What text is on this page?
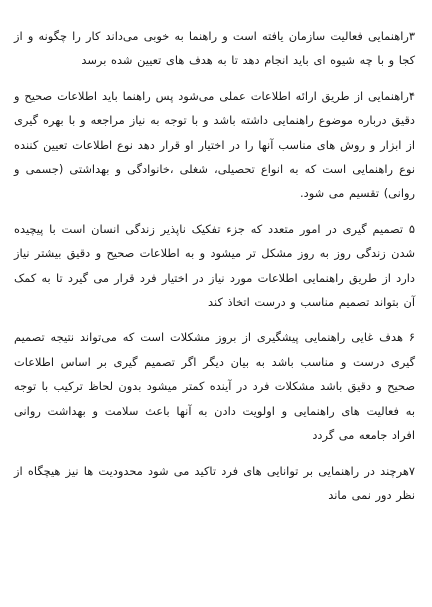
۳راهنمایی فعالیت سازمان یافته است و راهنما به خوبی می‌داند کار را چگونه و از کجا و با چه شیوه ای باید انجام دهد تا به هدف های تعیین شده برسد

۴راهنمایی از طریق ارائه اطلاعات عملی می‌شود پس راهنما باید اطلاعات صحیح و دقیق درباره موضوع راهنمایی داشته باشد و با توجه به نیاز مراجعه و با بهره گیری از ابزار و روش های مناسب آنها را در اختیار او قرار دهد نوع اطلاعات تعیین کننده نوع راهنمایی است که به انواع تحصیلی، شغلی ،خانوادگی و بهداشتی (جسمی و روانی) تقسیم می شود.

۵ تصمیم گیری در امور متعدد که جزء تفکیک ناپذیر زندگی انسان است با پیچیده شدن زندگی روز به روز مشکل تر میشود و به اطلاعات صحیح و دقیق بیشتر نیاز دارد از طریق راهنمایی اطلاعات مورد نیاز در اختیار فرد قرار می گیرد تا به کمک آن بتواند تصمیم مناسب و درست اتخاذ کند

۶ هدف غایی راهنمایی پیشگیری از بروز مشکلات است که می‌تواند نتیجه تصمیم گیری درست و مناسب باشد به بیان دیگر اگر تصمیم گیری بر اساس اطلاعات صحیح و دقیق باشد مشکلات فرد در آینده کمتر میشود بدون لحاظ ترکیب با توجه به فعالیت های راهنمایی و اولویت دادن به آنها باعث سلامت و بهداشت روانی افراد جامعه می گردد

۷هرچند در راهنمایی بر توانایی های فرد تاکید می شود محدودیت ها نیز هیچگاه از نظر دور نمی ماند
